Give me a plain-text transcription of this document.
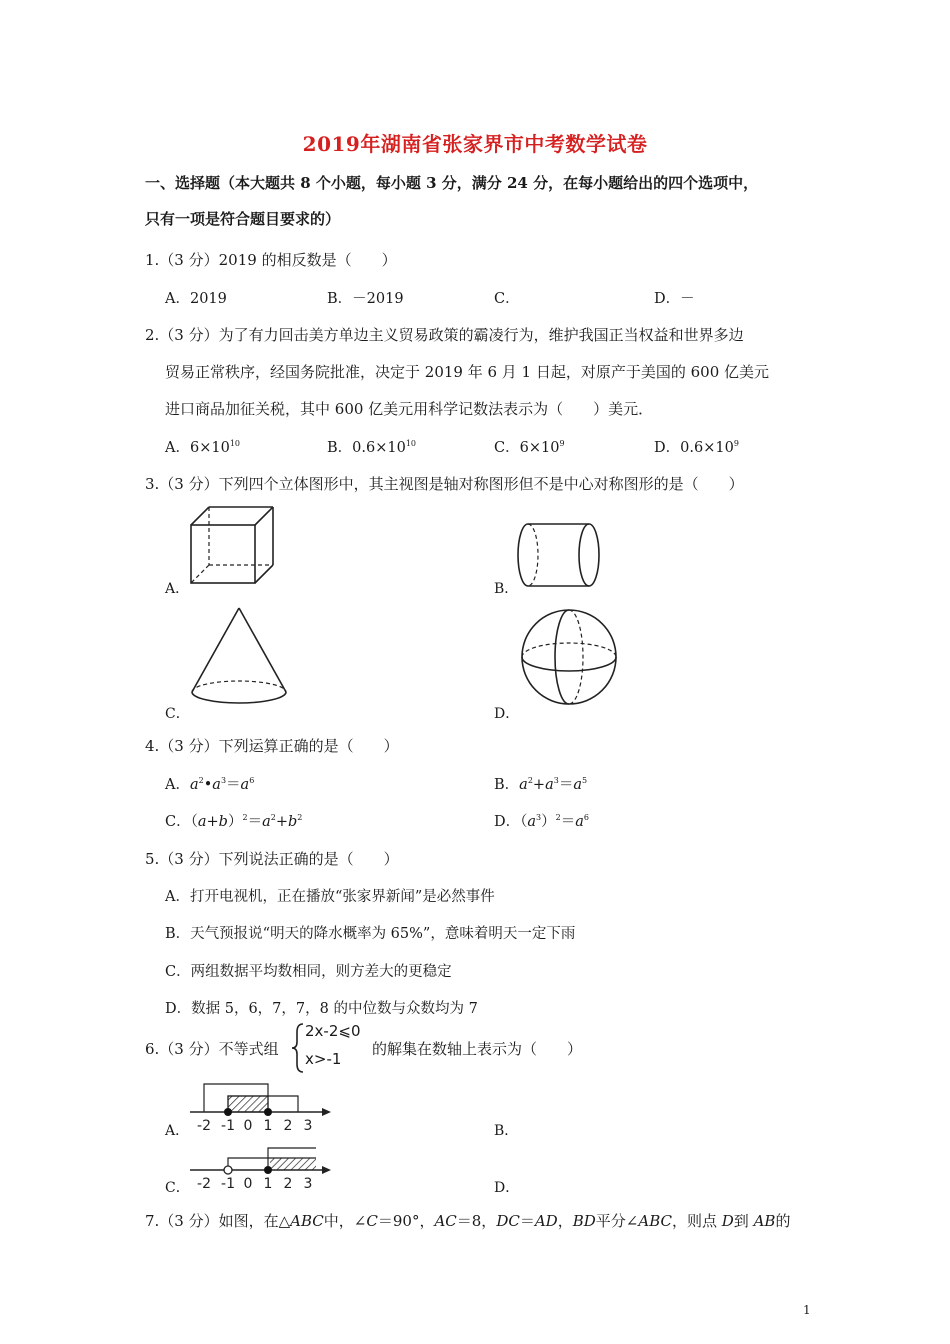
2019年湖南省张家界市中考数学试卷
一、选择题（本大题共 8 个小题，每小题 3 分，满分 24 分，在每小题给出的四个选项中，
只有一项是符合题目要求的）
1.（3 分）2019 的相反数是（　　）
A．2019	B．－2019	C．	D．－
2.（3 分）为了有力回击美方单边主义贸易政策的霸凌行为，维护我国正当权益和世界多边
贸易正常秩序，经国务院批准，决定于 2019 年 6 月 1 日起，对原产于美国的 600 亿美元
进口商品加征关税，其中 600 亿美元用科学记数法表示为（　　）美元．
A．$6\times 10^{10}$	B．$0.6\times 10^{10}$	C．$6\times 10^9$	D．$0.6\times 10^9$
3.（3 分）下列四个立体图形中，其主视图是轴对称图形但不是中心对称图形的是（　　）
A．	B．
C．	D．
4.（3 分）下列运算正确的是（　　）
A．$a^2•a^3=a^6$	B．$a^2+a^3=a^5$
C．$(a+b)^2=a^2+b^2$	D．$(a^3)^2=a^6$
5.（3 分）下列说法正确的是（　　）
A．打开电视机，正在播放“张家界新闻”是必然事件
B．天气预报说“明天的降水概率为 65%”，意味着明天一定下雨
C．两组数据平均数相同，则方差大的更稳定
D．数据 5，6，7，7，8 的中位数与众数均为 7
6.（3 分）不等式组
2x-2⩽0
x>-1
的解集在数轴上表示为（　　）
-2 -1 0 1 2 3
A．	B．
-2 -1 0 1 2 3
C．	D．
7.（3 分）如图，在△ABC中，∠C＝90°，AC＝8，DC＝AD，BD平分∠ABC，则点 D到 AB的
1
